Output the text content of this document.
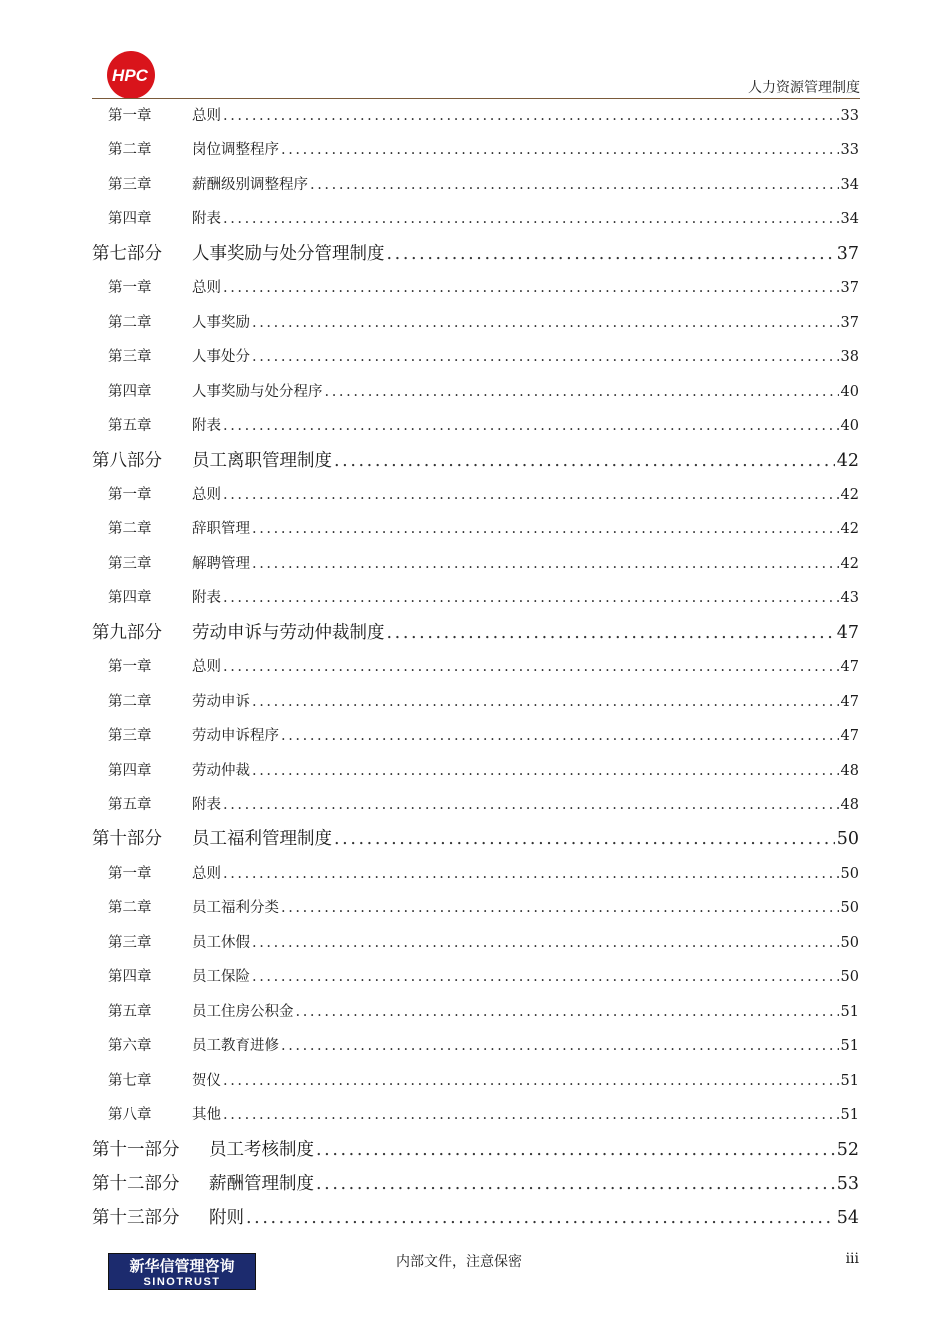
HPC
人力资源管理制度
第一章	总则 .....	33
第二章	岗位调整程序 .....	33
第三章	薪酬级别调整程序 .....	34
第四章	附表 .....	34
第七部分	人事奖励与处分管理制度 .....	37
第一章	总则 .....	37
第二章	人事奖励 .....	37
第三章	人事处分 .....	38
第四章	人事奖励与处分程序 .....	40
第五章	附表 .....	40
第八部分	员工离职管理制度 .....	42
第一章	总则 .....	42
第二章	辞职管理 .....	42
第三章	解聘管理 .....	42
第四章	附表 .....	43
第九部分	劳动申诉与劳动仲裁制度 .....	47
第一章	总则 .....	47
第二章	劳动申诉 .....	47
第三章	劳动申诉程序 .....	47
第四章	劳动仲裁 .....	48
第五章	附表 .....	48
第十部分	员工福利管理制度 .....	50
第一章	总则 .....	50
第二章	员工福利分类 .....	50
第三章	员工休假 .....	50
第四章	员工保险 .....	50
第五章	员工住房公积金 .....	51
第六章	员工教育进修 .....	51
第七章	贺仪 .....	51
第八章	其他 .....	51
第十一部分	员工考核制度 .....	52
第十二部分	薪酬管理制度 .....	53
第十三部分	附则 .....	54
新华信管理咨询
SINOTRUST
内部文件，注意保密	iii
